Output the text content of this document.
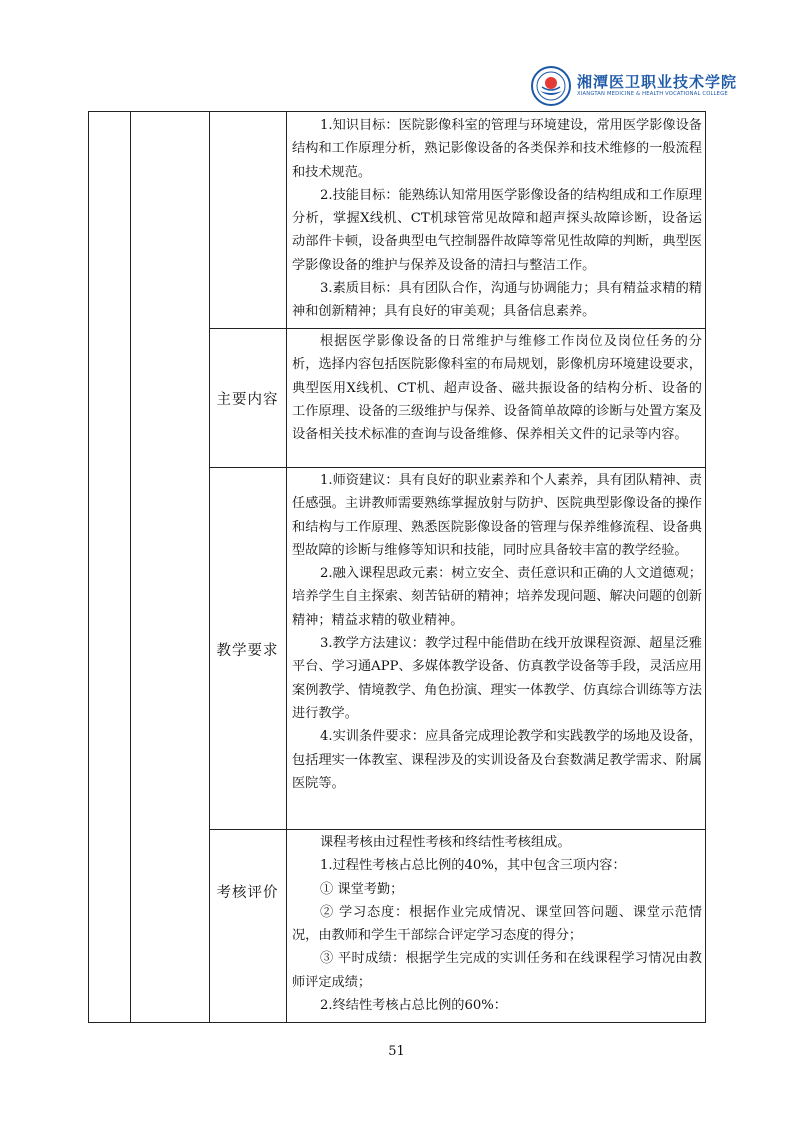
湘潭医卫职业技术学院
XIANGTAN MEDICINE & HEALTH VOCATIONAL COLLEGE

1.知识目标：医院影像科室的管理与环境建设，常用医学影像设备结构和工作原理分析，熟记影像设备的各类保养和技术维修的一般流程和技术规范。

2.技能目标：能熟练认知常用医学影像设备的结构组成和工作原理分析，掌握X线机、CT机球管常见故障和超声探头故障诊断，设备运动部件卡顿，设备典型电气控制器件故障等常见性故障的判断，典型医学影像设备的维护与保养及设备的清扫与整洁工作。

3.素质目标：具有团队合作，沟通与协调能力；具有精益求精的精神和创新精神；具有良好的审美观；具备信息素养。

主要内容

根据医学影像设备的日常维护与维修工作岗位及岗位任务的分析，选择内容包括医院影像科室的布局规划，影像机房环境建设要求，典型医用X线机、CT机、超声设备、磁共振设备的结构分析、设备的工作原理、设备的三级维护与保养、设备简单故障的诊断与处置方案及设备相关技术标准的查询与设备维修、保养相关文件的记录等内容。

教学要求

1.师资建议：具有良好的职业素养和个人素养，具有团队精神、责任感强。主讲教师需要熟练掌握放射与防护、医院典型影像设备的操作和结构与工作原理、熟悉医院影像设备的管理与保养维修流程、设备典型故障的诊断与维修等知识和技能，同时应具备较丰富的教学经验。

2.融入课程思政元素：树立安全、责任意识和正确的人文道德观；培养学生自主探索、刻苦钻研的精神；培养发现问题、解决问题的创新精神；精益求精的敬业精神。

3.教学方法建议：教学过程中能借助在线开放课程资源、超星泛雅平台、学习通APP、多媒体教学设备、仿真教学设备等手段，灵活应用案例教学、情境教学、角色扮演、理实一体教学、仿真综合训练等方法进行教学。

4.实训条件要求：应具备完成理论教学和实践教学的场地及设备，包括理实一体教室、课程涉及的实训设备及台套数满足教学需求、附属医院等。

考核评价

课程考核由过程性考核和终结性考核组成。

1.过程性考核占总比例的40%，其中包含三项内容：

① 课堂考勤；

② 学习态度：根据作业完成情况、课堂回答问题、课堂示范情况，由教师和学生干部综合评定学习态度的得分；

③ 平时成绩：根据学生完成的实训任务和在线课程学习情况由教师评定成绩；

2.终结性考核占总比例的60%：

51
